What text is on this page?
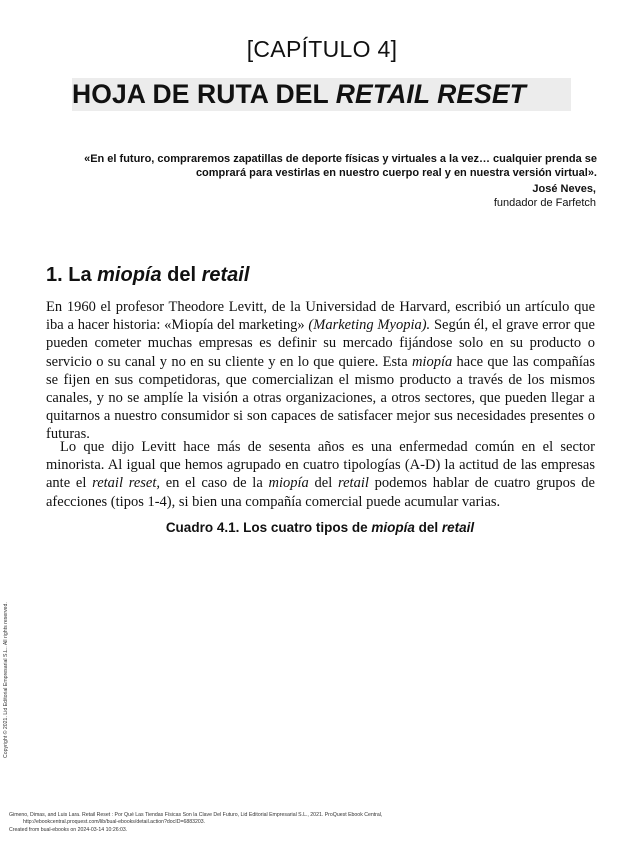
[CAPÍTULO 4]
HOJA DE RUTA DEL RETAIL RESET
«En el futuro, compraremos zapatillas de deporte físicas y virtuales a la vez… cualquier prenda se
comprará para vestirlas en nuestro cuerpo real y en nuestra versión virtual».
José Neves,
fundador de Farfetch
1. La miopía del retail
En 1960 el profesor Theodore Levitt, de la Universidad de Harvard, escribió un artículo que iba a hacer historia: «Miopía del marketing» (Marketing Myopia). Según él, el grave error que pueden cometer muchas empresas es definir su mercado fijándose solo en su producto o servicio o su canal y no en su cliente y en lo que quiere. Esta miopía hace que las compañías se fijen en sus competidoras, que comercializan el mismo producto a través de los mismos canales, y no se amplíe la visión a otras organizaciones, a otros sectores, que pueden llegar a quitarnos a nuestro consumidor si son capaces de satisfacer mejor sus necesidades presentes o futuras.
Lo que dijo Levitt hace más de sesenta años es una enfermedad común en el sector minorista. Al igual que hemos agrupado en cuatro tipologías (A-D) la actitud de las empresas ante el retail reset, en el caso de la miopía del retail podemos hablar de cuatro grupos de afecciones (tipos 1-4), si bien una compañía comercial puede acumular varias.
Cuadro 4.1. Los cuatro tipos de miopía del retail
Copyright © 2021. Lid Editorial Empresarial S.L.. All rights reserved.
Gimeno, Dimas, and Luis Lara. Retail Reset : Por Qué Las Tiendas Físicas Son la Clave Del Futuro, Lid Editorial Empresarial S.L., 2021. ProQuest Ebook Central,
http://ebookcentral.proquest.com/lib/bual-ebooks/detail.action?docID=6883203.
Created from bual-ebooks on 2024-03-14 10:26:03.
